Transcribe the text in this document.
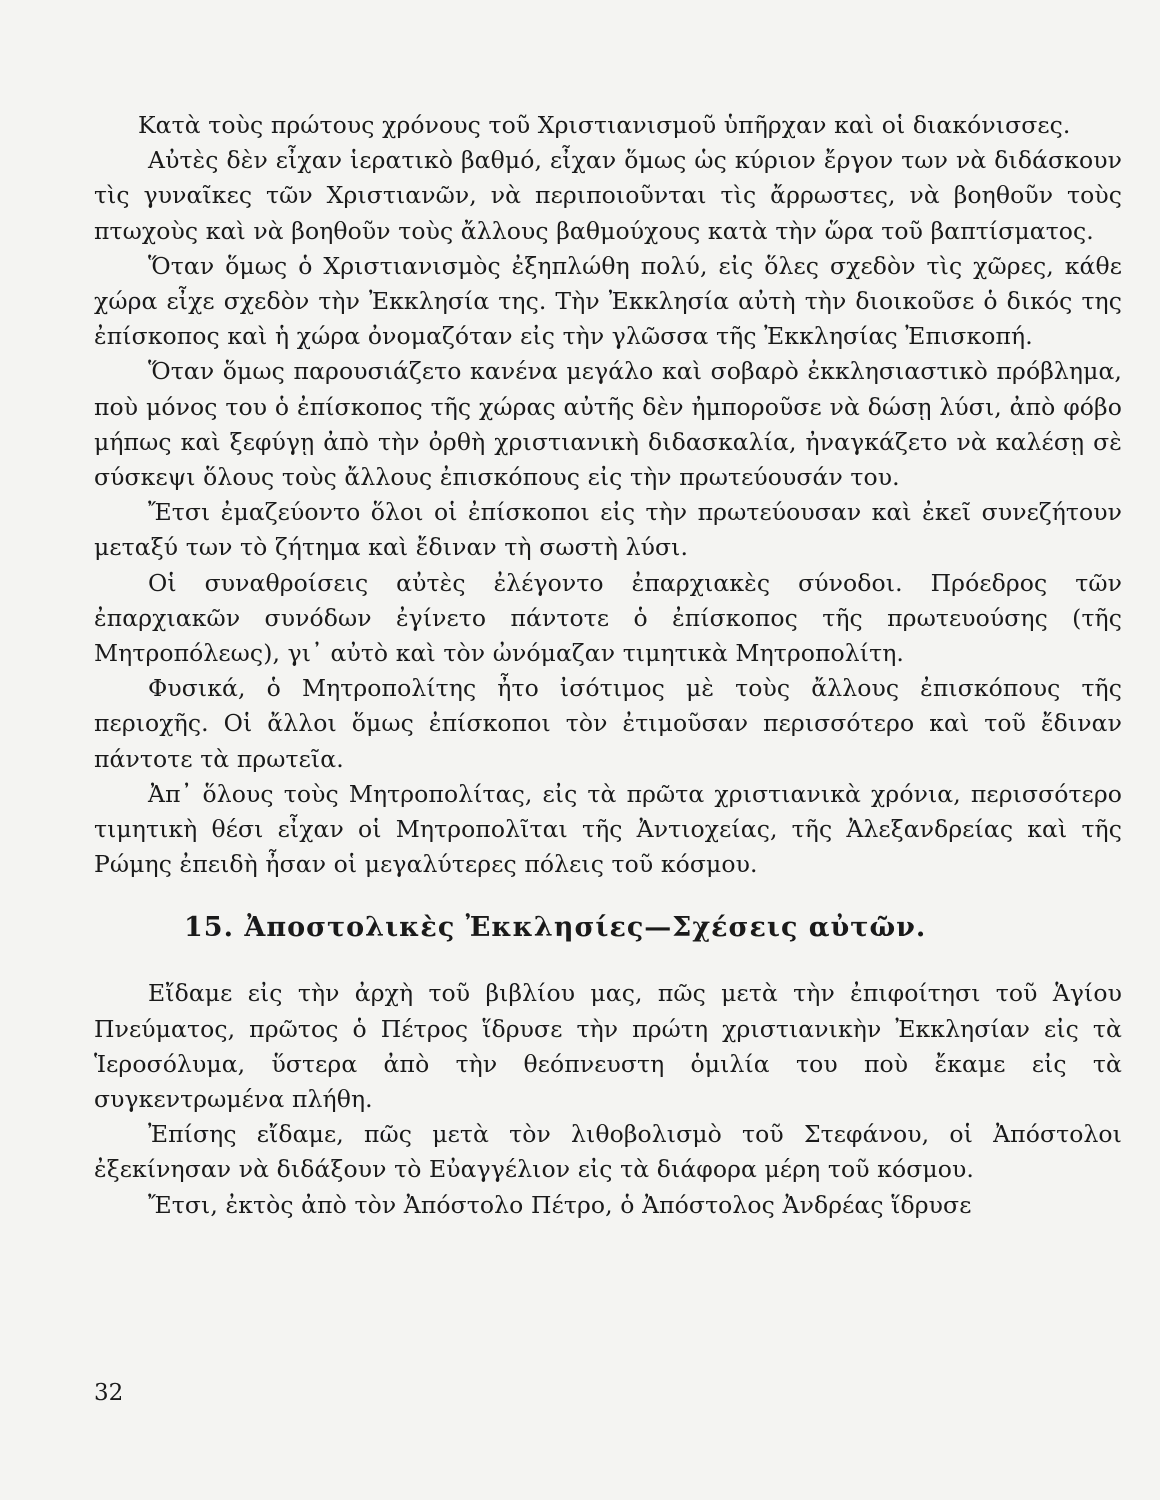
Κατὰ τοὺς πρώτους χρόνους τοῦ Χριστιανισμοῦ ὑπῆρχαν καὶ οἱ διακόνισσες.

Αὐτὲς δὲν εἶχαν ἱερατικὸ βαθμό, εἶχαν ὅμως ὡς κύριον ἔργον των νὰ διδάσκουν τὶς γυναῖκες τῶν Χριστιανῶν, νὰ περιποιοῦνται τὶς ἄρρωστες, νὰ βοηθοῦν τοὺς πτωχοὺς καὶ νὰ βοηθοῦν τοὺς ἄλλους βαθμούχους κατὰ τὴν ὥρα τοῦ βαπτίσματος.

Ὅταν ὅμως ὁ Χριστιανισμὸς ἐξηπλώθη πολύ, εἰς ὅλες σχεδὸν τὶς χῶρες, κάθε χώρα εἶχε σχεδὸν τὴν Ἐκκλησία της. Τὴν Ἐκκλησία αὐτὴ τὴν διοικοῦσε ὁ δικός της ἐπίσκοπος καὶ ἡ χώρα ὀνομαζόταν εἰς τὴν γλῶσσα τῆς Ἐκκλησίας Ἐπισκοπή.

Ὅταν ὅμως παρουσιάζετο κανένα μεγάλο καὶ σοβαρὸ ἐκκλησιαστικὸ πρόβλημα, ποὺ μόνος του ὁ ἐπίσκοπος τῆς χώρας αὐτῆς δὲν ἠμποροῦσε νὰ δώσῃ λύσι, ἀπὸ φόβο μήπως καὶ ξεφύγῃ ἀπὸ τὴν ὀρθὴ χριστιανικὴ διδασκαλία, ἠναγκάζετο νὰ καλέσῃ σὲ σύσκεψι ὅλους τοὺς ἄλλους ἐπισκόπους εἰς τὴν πρωτεύουσάν του.

Ἔτσι ἐμαζεύοντο ὅλοι οἱ ἐπίσκοποι εἰς τὴν πρωτεύουσαν καὶ ἐκεῖ συνεζήτουν μεταξύ των τὸ ζήτημα καὶ ἔδιναν τὴ σωστὴ λύσι.

Οἱ συναθροίσεις αὐτὲς ἐλέγοντο ἐπαρχιακὲς σύνοδοι. Πρόεδρος τῶν ἐπαρχιακῶν συνόδων ἐγίνετο πάντοτε ὁ ἐπίσκοπος τῆς πρωτευούσης (τῆς Μητροπόλεως), γι᾿ αὐτὸ καὶ τὸν ὠνόμαζαν τιμητικὰ Μητροπολίτη.

Φυσικά, ὁ Μητροπολίτης ἦτο ἰσότιμος μὲ τοὺς ἄλλους ἐπισκόπους τῆς περιοχῆς. Οἱ ἄλλοι ὅμως ἐπίσκοποι τὸν ἐτιμοῦσαν περισσότερο καὶ τοῦ ἔδιναν πάντοτε τὰ πρωτεῖα.

Ἀπ᾿ ὅλους τοὺς Μητροπολίτας, εἰς τὰ πρῶτα χριστιανικὰ χρόνια, περισσότερο τιμητικὴ θέσι εἶχαν οἱ Μητροπολῖται τῆς Ἀντιοχείας, τῆς Ἀλεξανδρείας καὶ τῆς Ρώμης ἐπειδὴ ἦσαν οἱ μεγαλύτερες πόλεις τοῦ κόσμου.

15. Ἀποστολικὲς Ἐκκλησίες—Σχέσεις αὐτῶν.

Εἴδαμε εἰς τὴν ἀρχὴ τοῦ βιβλίου μας, πῶς μετὰ τὴν ἐπιφοίτησι τοῦ Ἁγίου Πνεύματος, πρῶτος ὁ Πέτρος ἵδρυσε τὴν πρώτη χριστιανικὴν Ἐκκλησίαν εἰς τὰ Ἱεροσόλυμα, ὕστερα ἀπὸ τὴν θεόπνευστη ὁμιλία του ποὺ ἔκαμε εἰς τὰ συγκεντρωμένα πλήθη.

Ἐπίσης εἴδαμε, πῶς μετὰ τὸν λιθοβολισμὸ τοῦ Στεφάνου, οἱ Ἀπόστολοι ἐξεκίνησαν νὰ διδάξουν τὸ Εὐαγγέλιον εἰς τὰ διάφορα μέρη τοῦ κόσμου.

Ἔτσι, ἐκτὸς ἀπὸ τὸν Ἀπόστολο Πέτρο, ὁ Ἀπόστολος Ἀνδρέας ἵδρυσε

32
